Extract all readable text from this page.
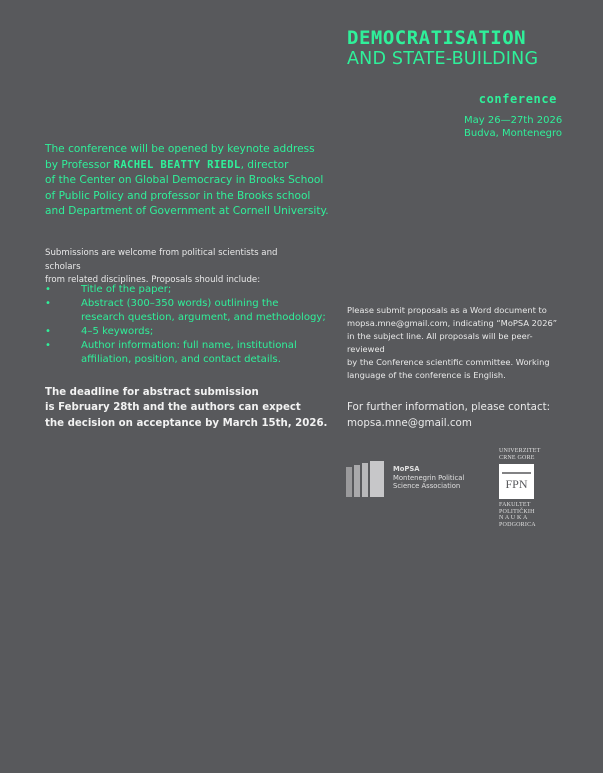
DEMOCRATISATION
AND STATE-BUILDING
conference
May 26—27th 2026
Budva, Montenegro
The conference will be opened by keynote address
by Professor RACHEL BEATTY RIEDL, director
of the Center on Global Democracy in Brooks School
of Public Policy and professor in the Brooks school
and Department of Government at Cornell University.
Submissions are welcome from political scientists and scholars
from related disciplines. Proposals should include:
•	Title of the paper;
•	Abstract (300–350 words) outlining the
research question, argument, and methodology;
•	4–5 keywords;
•	Author information: full name, institutional
affiliation, position, and contact details.
The deadline for abstract submission
is February 28th and the authors can expect
the decision on acceptance by March 15th, 2026.
Please submit proposals as a Word document to
mopsa.mne@gmail.com, indicating “MoPSA 2026”
in the subject line. All proposals will be peer-reviewed
by the Conference scientific committee. Working
language of the conference is English.
For further information, please contact:
mopsa.mne@gmail.com
MoPSA
Montenegrin Political
Science Association
UNIVERZITET
CRNE GORE
FPN
FAKULTET
POLITIČKIH
N A U K A
PODGORICA
